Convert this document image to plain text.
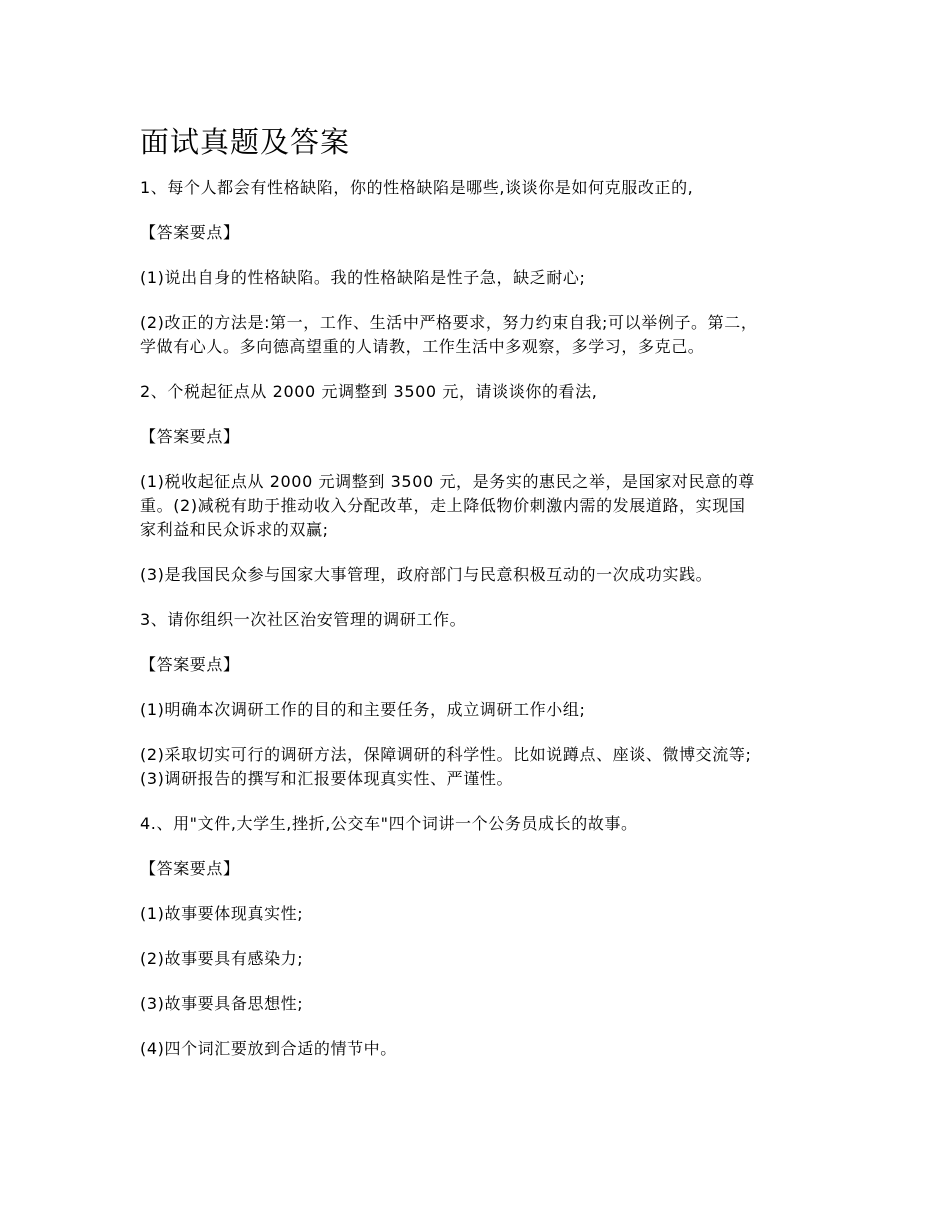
面试真题及答案

1、每个人都会有性格缺陷，你的性格缺陷是哪些,谈谈你是如何克服改正的,

【答案要点】

(1)说出自身的性格缺陷。我的性格缺陷是性子急，缺乏耐心;

(2)改正的方法是:第一，工作、生活中严格要求，努力约束自我;可以举例子。第二，
学做有心人。多向德高望重的人请教，工作生活中多观察，多学习，多克己。

2、个税起征点从 2000 元调整到 3500 元，请谈谈你的看法,

【答案要点】

(1)税收起征点从 2000 元调整到 3500 元，是务实的惠民之举，是国家对民意的尊
重。(2)减税有助于推动收入分配改革，走上降低物价刺激内需的发展道路，实现国
家利益和民众诉求的双赢;

(3)是我国民众参与国家大事管理，政府部门与民意积极互动的一次成功实践。

3、请你组织一次社区治安管理的调研工作。

【答案要点】

(1)明确本次调研工作的目的和主要任务，成立调研工作小组;

(2)采取切实可行的调研方法，保障调研的科学性。比如说蹲点、座谈、微博交流等;
(3)调研报告的撰写和汇报要体现真实性、严谨性。

4.、用"文件,大学生,挫折,公交车"四个词讲一个公务员成长的故事。

【答案要点】

(1)故事要体现真实性;

(2)故事要具有感染力;

(3)故事要具备思想性;

(4)四个词汇要放到合适的情节中。
